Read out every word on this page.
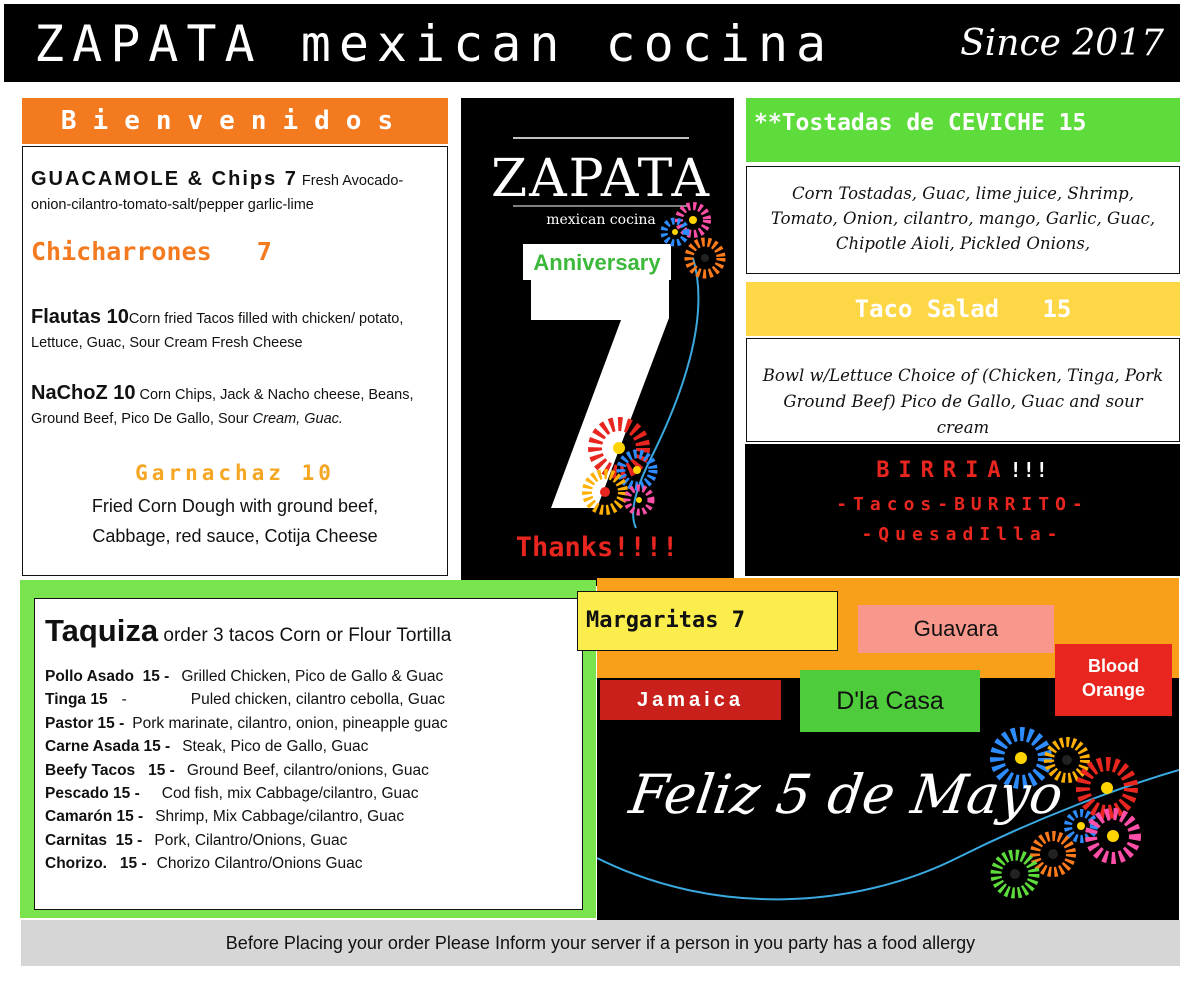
ZAPATA mexican cocina	Since 2017
Bienvenidos
GUACAMOLE & Chips 7 Fresh Avocado-onion-cilantro-tomato-salt/pepper garlic-lime
Chicharrones   7
Flautas 10Corn fried Tacos filled with chicken/ potato, Lettuce, Guac, Sour Cream Fresh Cheese
NaChoZ 10 Corn Chips, Jack & Nacho cheese, Beans, Ground Beef, Pico De Gallo, Sour Cream, Guac.
Garnachaz 10
Fried Corn Dough with ground beef,
Cabbage, red sauce, Cotija Cheese
ZAPATA
mexican cocina
Anniversary
Thanks!!!!
**Tostadas de CEVICHE 15
Corn Tostadas, Guac, lime juice, Shrimp, Tomato, Onion, cilantro, mango, Garlic, Guac, Chipotle Aioli, Pickled Onions,
Taco Salad   15
Bowl w/Lettuce Choice of (Chicken, Tinga, Pork Ground Beef) Pico de Gallo, Guac and sour cream
BIRRIA!!!
-Tacos-BURRITO-
-QuesadIlla-
Taquiza order 3 tacos Corn or Flour Tortilla
Pollo Asado  15 - Grilled Chicken, Pico de Gallo & Guac
Tinga 15 -	Puled chicken, cilantro cebolla, Guac
Pastor 15 - Pork marinate, cilantro, onion, pineapple guac
Carne Asada 15 - Steak, Pico de Gallo, Guac
Beefy Tacos   15 - Ground Beef, cilantro/onions, Guac
Pescado 15 - Cod fish, mix Cabbage/cilantro, Guac
Camarón 15 - Shrimp, Mix Cabbage/cilantro, Guac
Carnitas  15 - Pork, Cilantro/Onions, Guac
Chorizo.   15 - Chorizo Cilantro/Onions Guac
Margaritas 7	Guavara
Blood
Orange
Jamaica	D'la Casa
Feliz 5 de Mayo
Before Placing your order Please Inform your server if a person in you party has a food allergy
